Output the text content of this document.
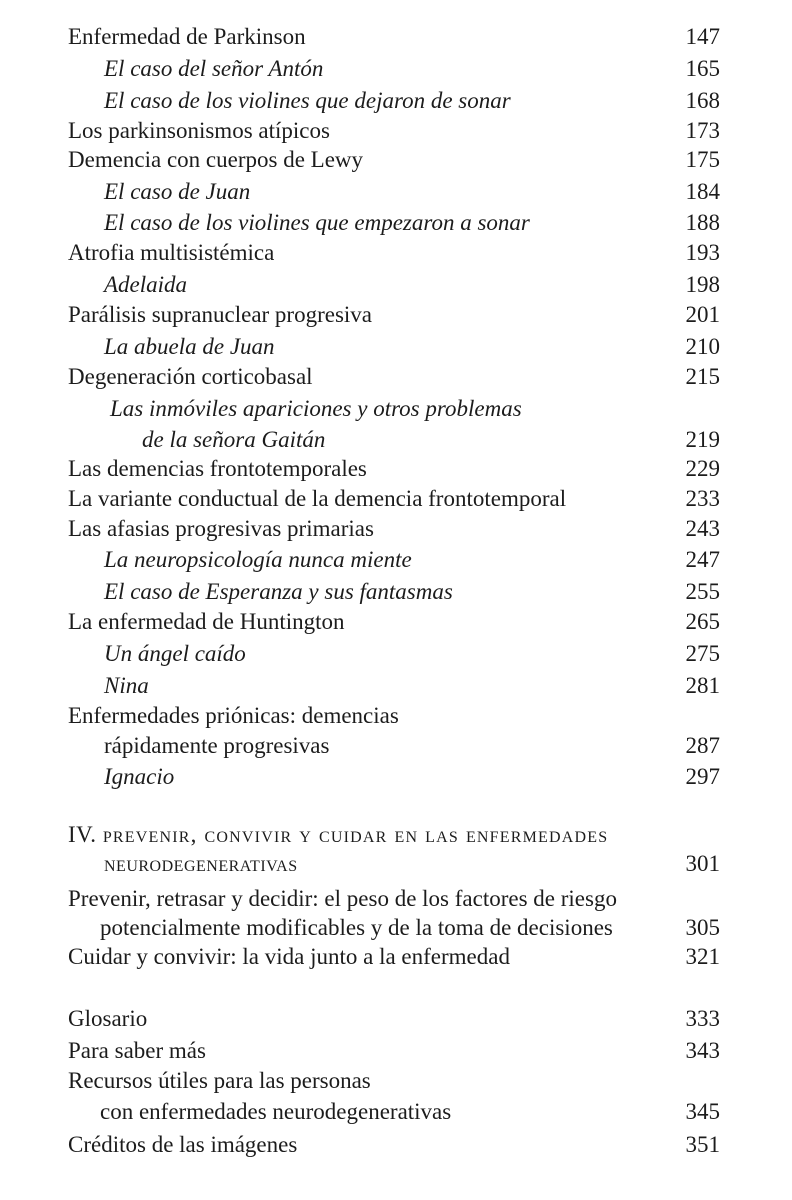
Enfermedad de Parkinson	147
El caso del señor Antón	165
El caso de los violines que dejaron de sonar	168
Los parkinsonismos atípicos	173
Demencia con cuerpos de Lewy	175
El caso de Juan	184
El caso de los violines que empezaron a sonar	188
Atrofia multisistémica	193
Adelaida	198
Parálisis supranuclear progresiva	201
La abuela de Juan	210
Degeneración corticobasal	215
Las inmóviles apariciones y otros problemas
de la señora Gaitán	219
Las demencias frontotemporales	229
La variante conductual de la demencia frontotemporal	233
Las afasias progresivas primarias	243
La neuropsicología nunca miente	247
El caso de Esperanza y sus fantasmas	255
La enfermedad de Huntington	265
Un ángel caído	275
Nina	281
Enfermedades priónicas: demencias
rápidamente progresivas	287
Ignacio	297
IV. prevenir, convivir y cuidar en las enfermedades
neurodegenerativas	301
Prevenir, retrasar y decidir: el peso de los factores de riesgo
potencialmente modificables y de la toma de decisiones	305
Cuidar y convivir: la vida junto a la enfermedad	321
Glosario	333
Para saber más	343
Recursos útiles para las personas
con enfermedades neurodegenerativas	345
Créditos de las imágenes	351
